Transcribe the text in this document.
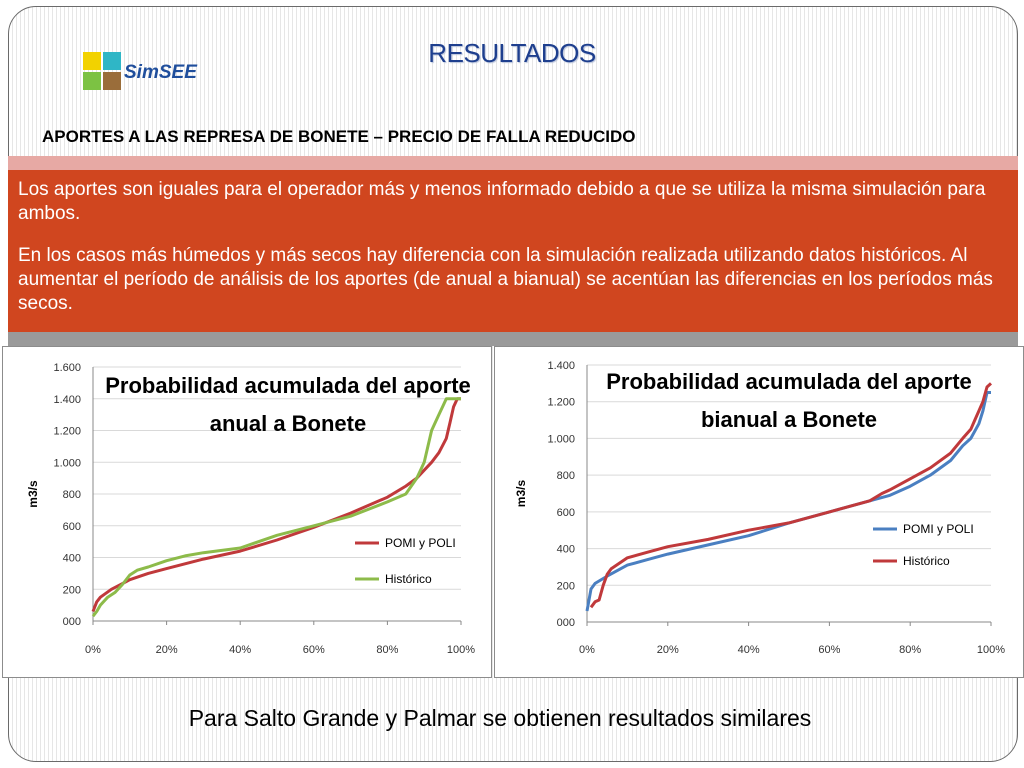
SimSEE
RESULTADOS
APORTES A LAS REPRESA DE BONETE – PRECIO DE FALLA REDUCIDO

Los aportes son iguales para el operador más y menos informado debido a que se utiliza la misma simulación para ambos.

En los casos más húmedos y más secos hay diferencia con la simulación realizada utilizando datos históricos. Al aumentar el período de análisis de los aportes (de anual a bianual) se acentúan las diferencias en los períodos más secos.

000
200
400
600
800
1.000
1.200
1.400
1.600
0%	20%	40%	60%	80%	100%
m3/s
Probabilidad acumulada del aporte
anual a Bonete
POMI y POLI
Histórico
000
200
400
600
800
1.000
1.200
1.400
0%	20%	40%	60%	80%	100%
m3/s
Probabilidad acumulada del aporte
bianual a Bonete
POMI y POLI
Histórico
Para Salto Grande y Palmar se obtienen resultados similares
